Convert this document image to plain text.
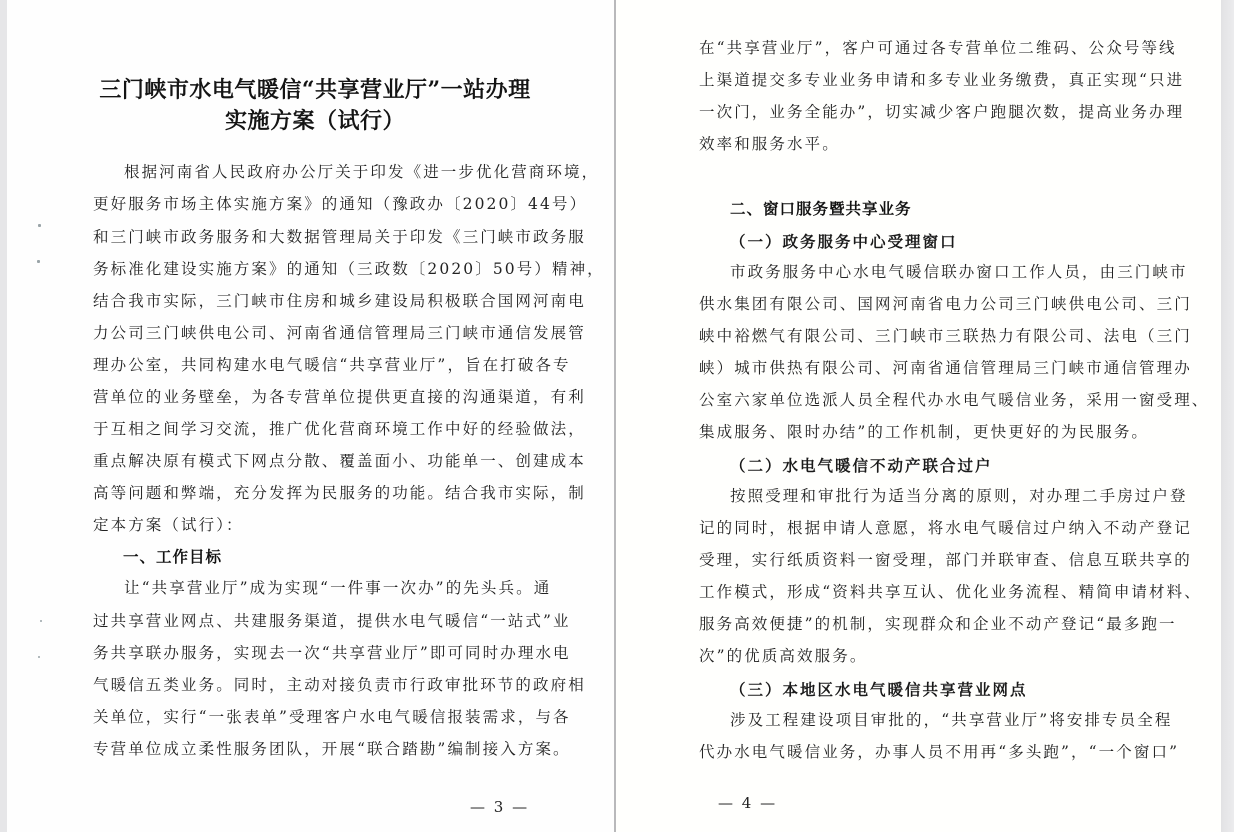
三门峡市水电气暖信“共享营业厅”一站办理
实施方案（试行）
根据河南省人民政府办公厅关于印发《进一步优化营商环境，
更好服务市场主体实施方案》的通知（豫政办〔2020〕44号）
和三门峡市政务服务和大数据管理局关于印发《三门峡市政务服
务标准化建设实施方案》的通知（三政数〔2020〕50号）精神，
结合我市实际，三门峡市住房和城乡建设局积极联合国网河南电
力公司三门峡供电公司、河南省通信管理局三门峡市通信发展管
理办公室，共同构建水电气暖信“共享营业厅”，旨在打破各专
营单位的业务壁垒，为各专营单位提供更直接的沟通渠道，有利
于互相之间学习交流，推广优化营商环境工作中好的经验做法，
重点解决原有模式下网点分散、覆盖面小、功能单一、创建成本
高等问题和弊端，充分发挥为民服务的功能。结合我市实际，制
定本方案（试行）：
一、工作目标
让“共享营业厅”成为实现“一件事一次办”的先头兵。通
过共享营业网点、共建服务渠道，提供水电气暖信“一站式”业
务共享联办服务，实现去一次“共享营业厅”即可同时办理水电
气暖信五类业务。同时，主动对接负责市行政审批环节的政府相
关单位，实行“一张表单”受理客户水电气暖信报装需求，与各
专营单位成立柔性服务团队，开展“联合踏勘”编制接入方案。
— 3 —
在“共享营业厅”，客户可通过各专营单位二维码、公众号等线
上渠道提交多专业业务申请和多专业业务缴费，真正实现“只进
一次门，业务全能办”，切实减少客户跑腿次数，提高业务办理
效率和服务水平。
二、窗口服务暨共享业务
（一）政务服务中心受理窗口
市政务服务中心水电气暖信联办窗口工作人员，由三门峡市
供水集团有限公司、国网河南省电力公司三门峡供电公司、三门
峡中裕燃气有限公司、三门峡市三联热力有限公司、法电（三门
峡）城市供热有限公司、河南省通信管理局三门峡市通信管理办
公室六家单位选派人员全程代办水电气暖信业务，采用一窗受理、
集成服务、限时办结”的工作机制，更快更好的为民服务。
（二）水电气暖信不动产联合过户
按照受理和审批行为适当分离的原则，对办理二手房过户登
记的同时，根据申请人意愿，将水电气暖信过户纳入不动产登记
受理，实行纸质资料一窗受理，部门并联审查、信息互联共享的
工作模式，形成“资料共享互认、优化业务流程、精简申请材料、
服务高效便捷”的机制，实现群众和企业不动产登记“最多跑一
次”的优质高效服务。
（三）本地区水电气暖信共享营业网点
涉及工程建设项目审批的，“共享营业厅”将安排专员全程
代办水电气暖信业务，办事人员不用再“多头跑”，“一个窗口”
— 4 —
